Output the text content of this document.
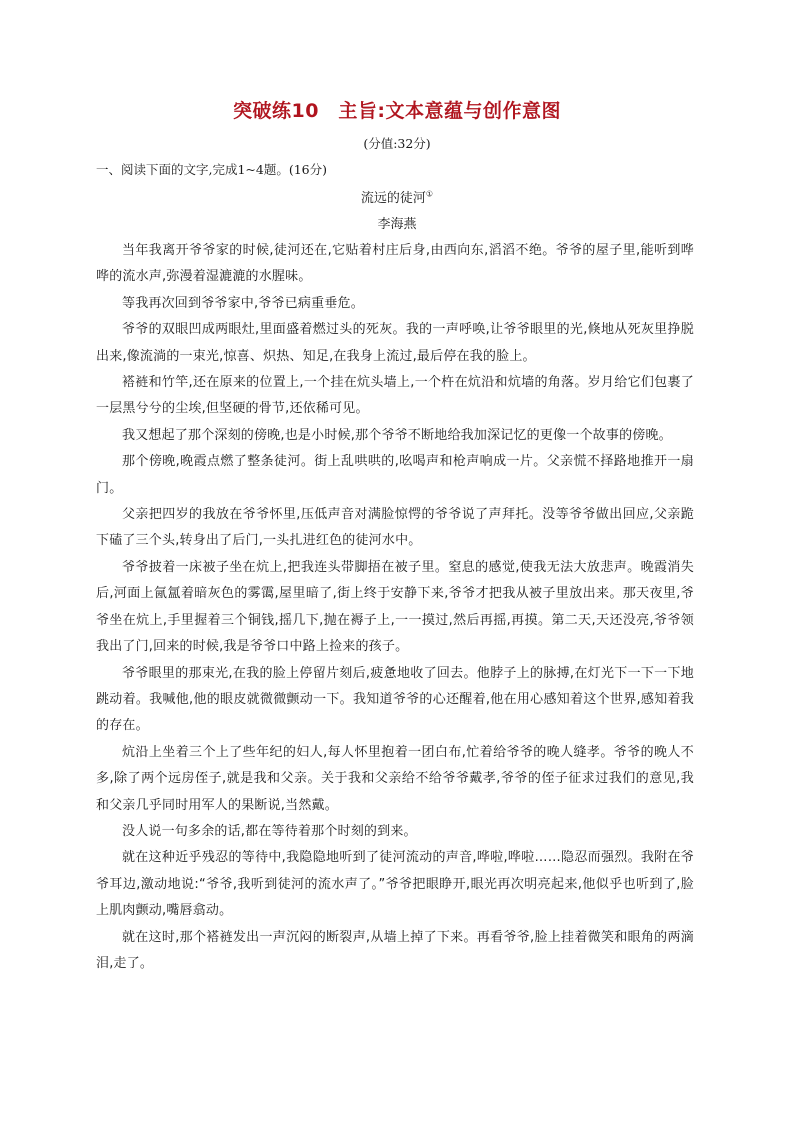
突破练10　主旨:文本意蕴与创作意图
(分值:32分)
一、阅读下面的文字,完成1~4题。(16分)
流远的徒河①
李海燕

当年我离开爷爷家的时候,徒河还在,它贴着村庄后身,由西向东,滔滔不绝。爷爷的屋子里,能听到哗哗的流水声,弥漫着湿漉漉的水腥味。

等我再次回到爷爷家中,爷爷已病重垂危。

爷爷的双眼凹成两眼灶,里面盛着燃过头的死灰。我的一声呼唤,让爷爷眼里的光,倏地从死灰里挣脱出来,像流淌的一束光,惊喜、炽热、知足,在我身上流过,最后停在我的脸上。

褡裢和竹竿,还在原来的位置上,一个挂在炕头墙上,一个杵在炕沿和炕墙的角落。岁月给它们包裹了一层黑兮兮的尘埃,但坚硬的骨节,还依稀可见。

我又想起了那个深刻的傍晚,也是小时候,那个爷爷不断地给我加深记忆的更像一个故事的傍晚。

那个傍晚,晚霞点燃了整条徒河。街上乱哄哄的,吆喝声和枪声响成一片。父亲慌不择路地推开一扇门。

父亲把四岁的我放在爷爷怀里,压低声音对满脸惊愕的爷爷说了声拜托。没等爷爷做出回应,父亲跪下磕了三个头,转身出了后门,一头扎进红色的徒河水中。

爷爷披着一床被子坐在炕上,把我连头带脚捂在被子里。窒息的感觉,使我无法大放悲声。晚霞消失后,河面上氤氲着暗灰色的雾霭,屋里暗了,街上终于安静下来,爷爷才把我从被子里放出来。那天夜里,爷爷坐在炕上,手里握着三个铜钱,摇几下,抛在褥子上,一一摸过,然后再摇,再摸。第二天,天还没亮,爷爷领我出了门,回来的时候,我是爷爷口中路上捡来的孩子。

爷爷眼里的那束光,在我的脸上停留片刻后,疲惫地收了回去。他脖子上的脉搏,在灯光下一下一下地跳动着。我喊他,他的眼皮就微微颤动一下。我知道爷爷的心还醒着,他在用心感知着这个世界,感知着我的存在。

炕沿上坐着三个上了些年纪的妇人,每人怀里抱着一团白布,忙着给爷爷的晚人缝孝。爷爷的晚人不多,除了两个远房侄子,就是我和父亲。关于我和父亲给不给爷爷戴孝,爷爷的侄子征求过我们的意见,我和父亲几乎同时用军人的果断说,当然戴。

没人说一句多余的话,都在等待着那个时刻的到来。

就在这种近乎残忍的等待中,我隐隐地听到了徒河流动的声音,哗啦,哗啦……隐忍而强烈。我附在爷爷耳边,激动地说:“爷爷,我听到徒河的流水声了。”爷爷把眼睁开,眼光再次明亮起来,他似乎也听到了,脸上肌肉颤动,嘴唇翕动。

就在这时,那个褡裢发出一声沉闷的断裂声,从墙上掉了下来。再看爷爷,脸上挂着微笑和眼角的两滴泪,走了。
